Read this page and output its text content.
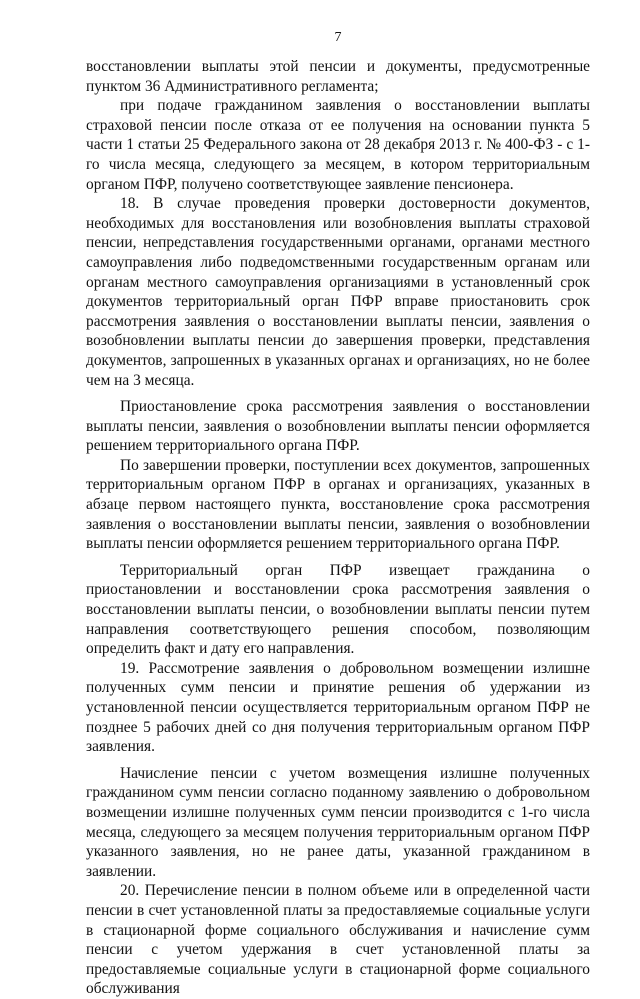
7

восстановлении выплаты этой пенсии и документы, предусмотренные пунктом 36 Административного регламента;

при подаче гражданином заявления о восстановлении выплаты страховой пенсии после отказа от ее получения на основании пункта 5 части 1 статьи 25 Федерального закона от 28 декабря 2013 г. № 400-ФЗ - с 1-го числа месяца, следующего за месяцем, в котором территориальным органом ПФР, получено соответствующее заявление пенсионера.

18. В случае проведения проверки достоверности документов, необходимых для восстановления или возобновления выплаты страховой пенсии, непредставления государственными органами, органами местного самоуправления либо подведомственными государственным органам или органам местного самоуправления организациями в установленный срок документов территориальный орган ПФР вправе приостановить срок рассмотрения заявления о восстановлении выплаты пенсии, заявления о возобновлении выплаты пенсии до завершения проверки, представления документов, запрошенных в указанных органах и организациях, но не более чем на 3 месяца.

Приостановление срока рассмотрения заявления о восстановлении выплаты пенсии, заявления о возобновлении выплаты пенсии оформляется решением территориального органа ПФР.

По завершении проверки, поступлении всех документов, запрошенных территориальным органом ПФР в органах и организациях, указанных в абзаце первом настоящего пункта, восстановление срока рассмотрения заявления о восстановлении выплаты пенсии, заявления о возобновлении выплаты пенсии оформляется решением территориального органа ПФР.

Территориальный орган ПФР извещает гражданина о приостановлении и восстановлении срока рассмотрения заявления о восстановлении выплаты пенсии, о возобновлении выплаты пенсии путем направления соответствующего решения способом, позволяющим определить факт и дату его направления.

19. Рассмотрение заявления о добровольном возмещении излишне полученных сумм пенсии и принятие решения об удержании из установленной пенсии осуществляется территориальным органом ПФР не позднее 5 рабочих дней со дня получения территориальным органом ПФР заявления.

Начисление пенсии с учетом возмещения излишне полученных гражданином сумм пенсии согласно поданному заявлению о добровольном возмещении излишне полученных сумм пенсии производится с 1-го числа месяца, следующего за месяцем получения территориальным органом ПФР указанного заявления, но не ранее даты, указанной гражданином в заявлении.

20. Перечисление пенсии в полном объеме или в определенной части пенсии в счет установленной платы за предоставляемые социальные услуги в стационарной форме социального обслуживания и начисление сумм пенсии с учетом удержания в счет установленной платы за предоставляемые социальные услуги в стационарной форме социального обслуживания
